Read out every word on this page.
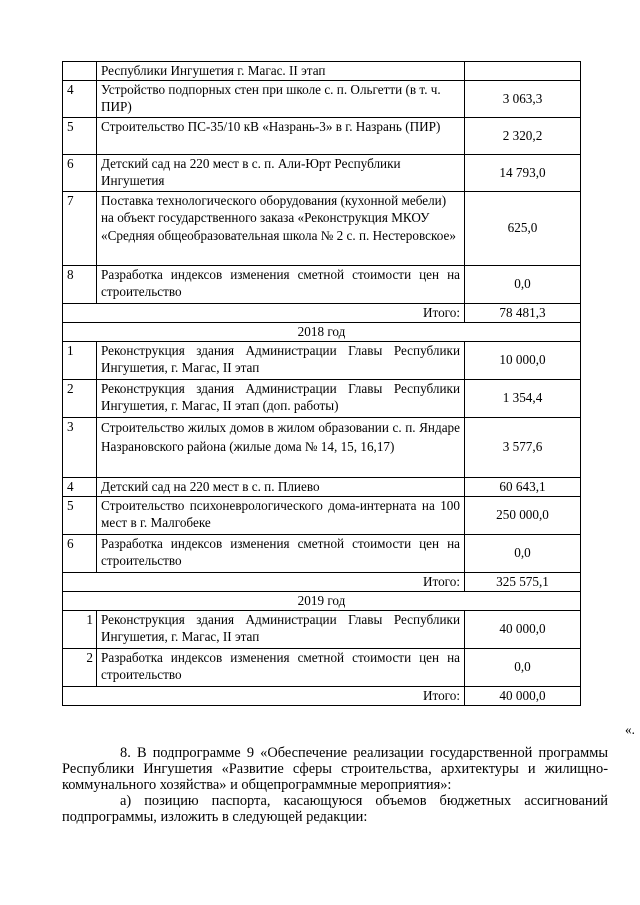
	Республики Ингушетия г. Магас. II этап	
4	Устройство подпорных стен при школе с. п. Ольгетти (в т. ч. ПИР)	3 063,3
5	Строительство ПС-35/10 кВ «Назрань-3» в г. Назрань (ПИР)	2 320,2
6	Детский сад на 220 мест в с. п. Али-Юрт Республики Ингушетия	14 793,0
7	Поставка технологического оборудования (кухонной мебели) на объект государственного заказа «Реконструкция МКОУ «Средняя общеобразовательная школа № 2 с. п. Нестеровское»	625,0
8	Разработка индексов изменения сметной стоимости цен на строительство	0,0
Итого:		78 481,3
2018 год		
1	Реконструкция здания Администрации Главы Республики Ингушетия, г. Магас, II этап	10 000,0
2	Реконструкция здания Администрации Главы Республики Ингушетия, г. Магас, II этап (доп. работы)	1 354,4
3	Строительство жилых домов в жилом образовании с. п. Яндаре Назрановского района (жилые дома № 14, 15, 16,17)	3 577,6
4	Детский сад на 220 мест в с. п. Плиево	60 643,1
5	Строительство психоневрологического дома-интерната на 100 мест в г. Малгобеке	250 000,0
6	Разработка индексов изменения сметной стоимости цен на строительство	0,0
Итого:		325 575,1
2019 год		
1	Реконструкция здания Администрации Главы Республики Ингушетия, г. Магас, II этап	40 000,0
2	Разработка индексов изменения сметной стоимости цен на строительство	0,0
Итого:		40 000,0
«.

8. В подпрограмме 9 «Обеспечение реализации государственной программы Республики Ингушетия «Развитие сферы строительства, архитектуры и жилищно-коммунального хозяйства» и общепрограммные мероприятия»:

а) позицию паспорта, касающуюся объемов бюджетных ассигнований подпрограммы, изложить в следующей редакции:
